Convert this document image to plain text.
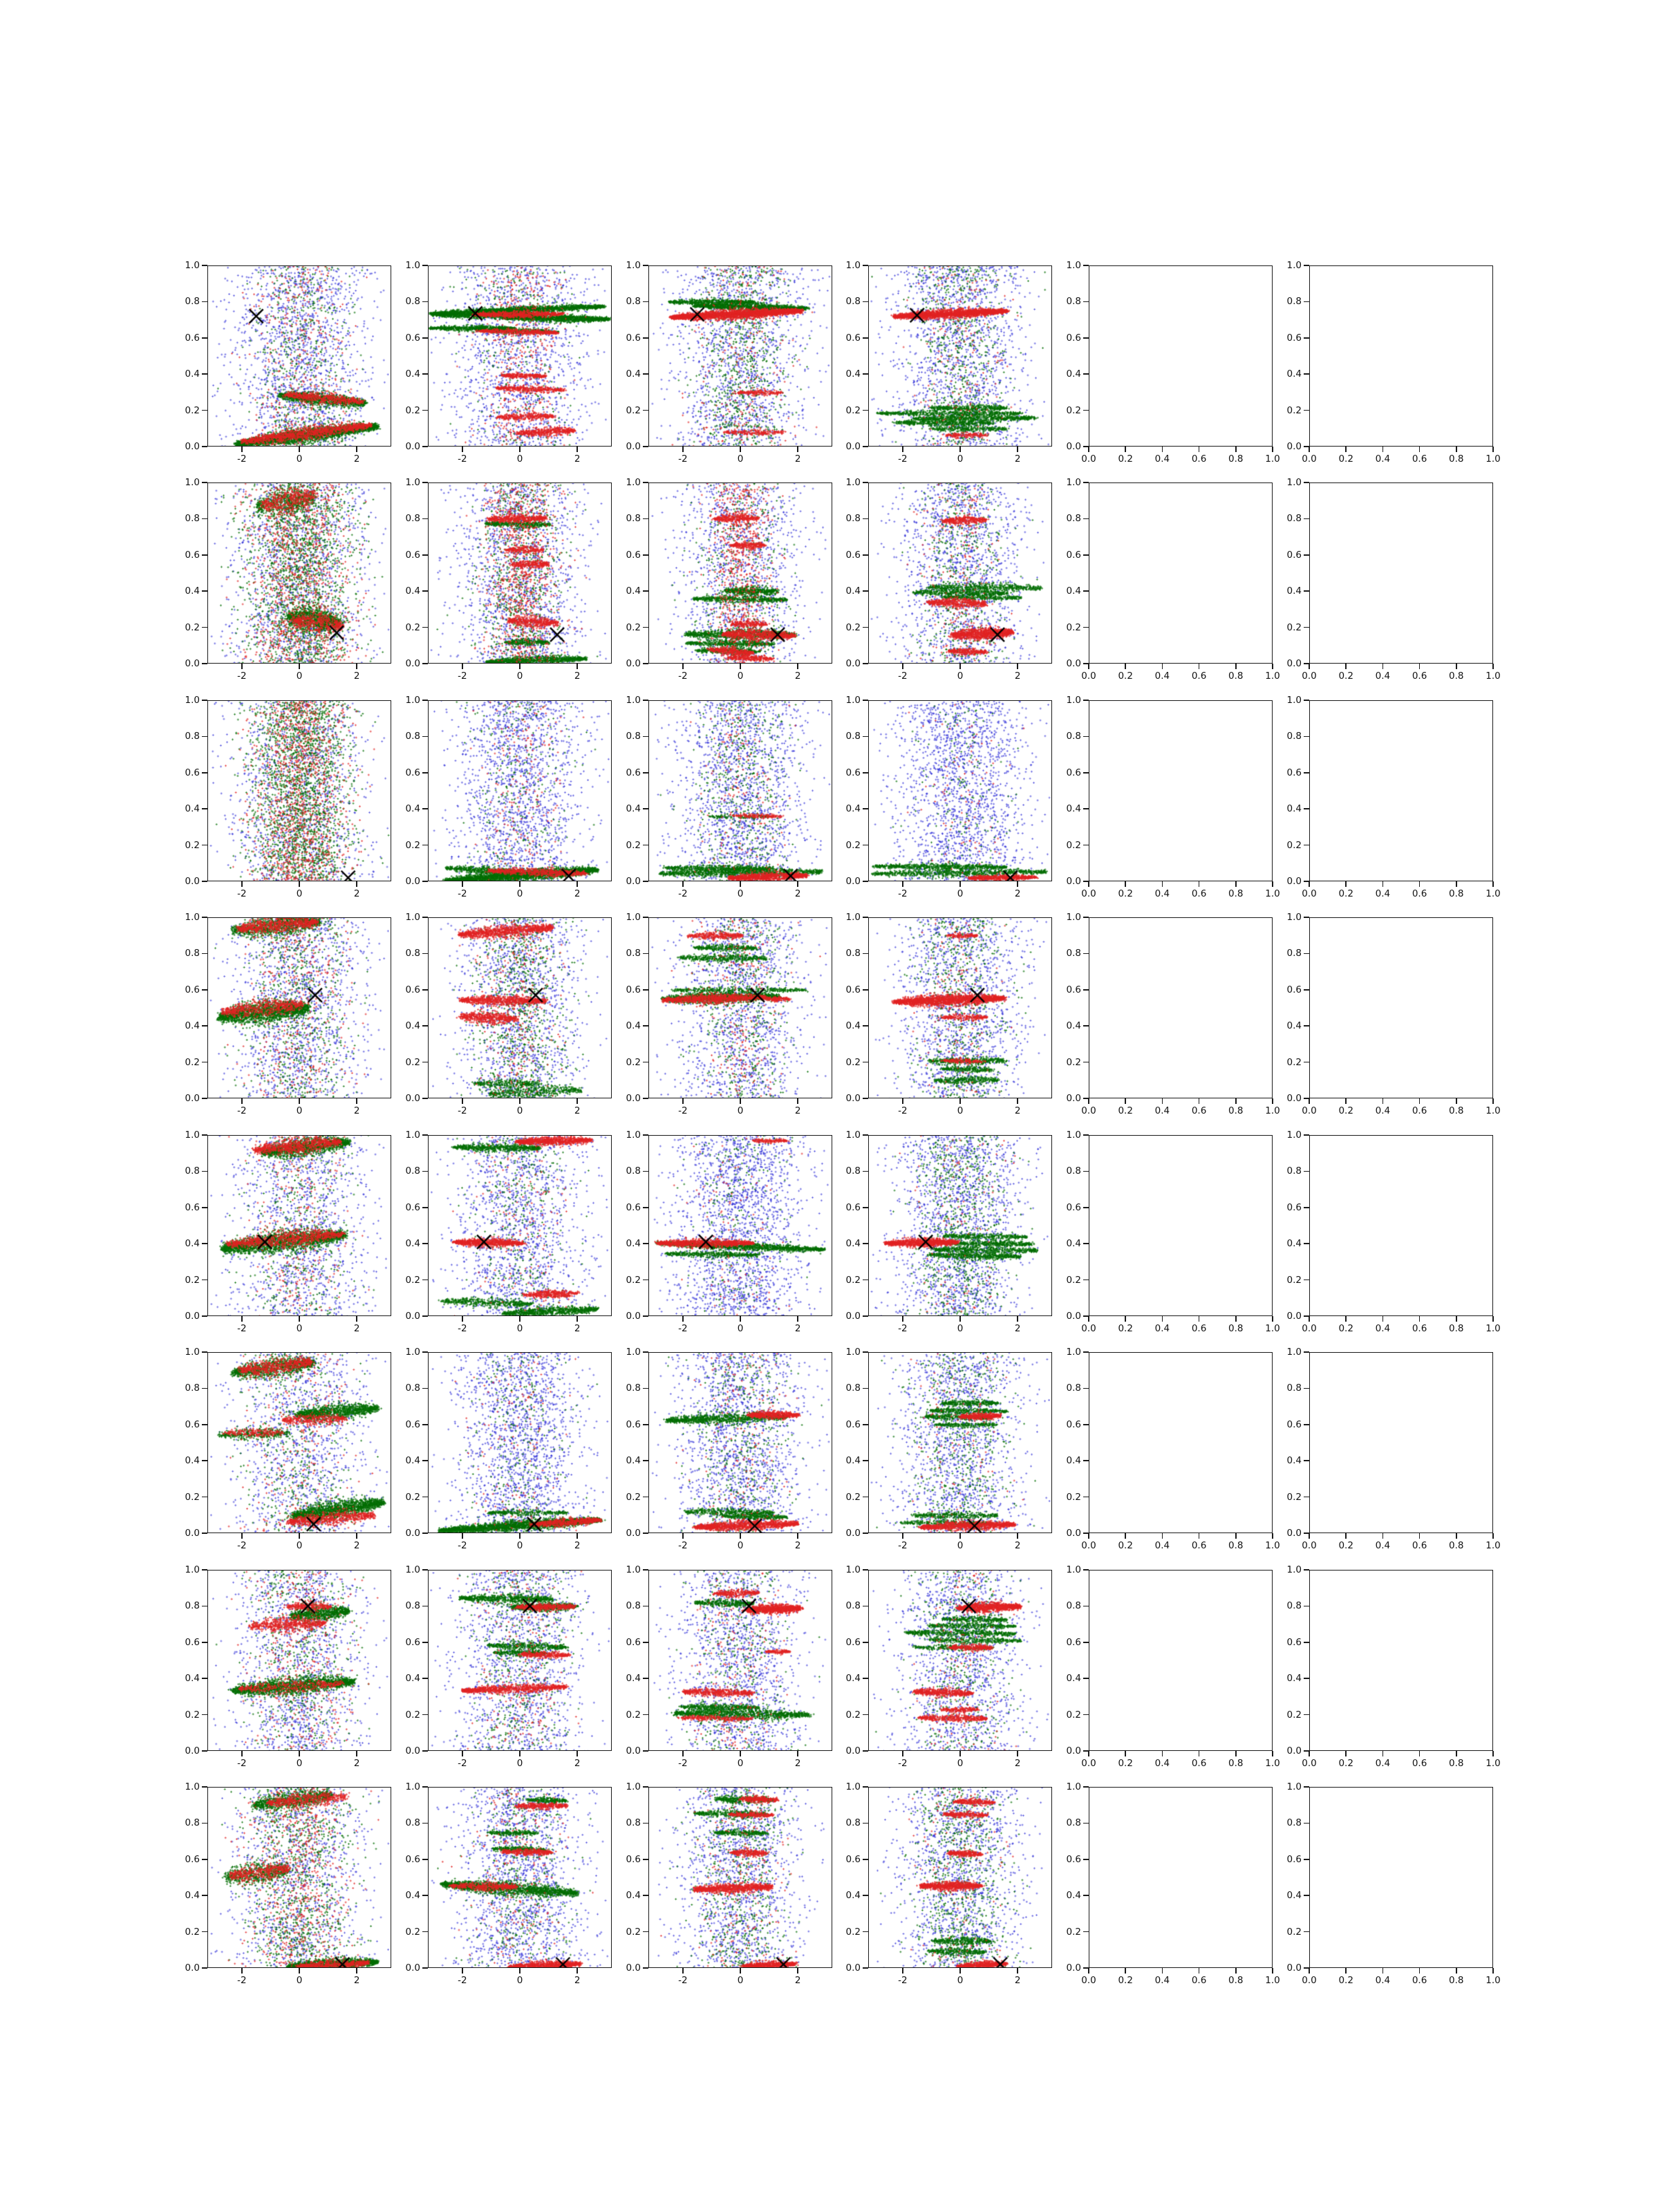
-2	0	2
0.0
0.2
0.4
0.6
0.8
1.0
-2	0	2
0.0
0.2
0.4
0.6
0.8
1.0
-2	0	2
0.0
0.2
0.4
0.6
0.8
1.0
-2	0	2
0.0
0.2
0.4
0.6
0.8
1.0
0.0	0.2	0.4	0.6	0.8	1.0
0.0
0.2
0.4
0.6
0.8
1.0
0.0	0.2	0.4	0.6	0.8	1.0
0.0
0.2
0.4
0.6
0.8
1.0
-2	0	2
0.0
0.2
0.4
0.6
0.8
1.0
-2	0	2
0.0
0.2
0.4
0.6
0.8
1.0
-2	0	2
0.0
0.2
0.4
0.6
0.8
1.0
-2	0	2
0.0
0.2
0.4
0.6
0.8
1.0
0.0	0.2	0.4	0.6	0.8	1.0
0.0
0.2
0.4
0.6
0.8
1.0
0.0	0.2	0.4	0.6	0.8	1.0
0.0
0.2
0.4
0.6
0.8
1.0
-2	0	2
0.0
0.2
0.4
0.6
0.8
1.0
-2	0	2
0.0
0.2
0.4
0.6
0.8
1.0
-2	0	2
0.0
0.2
0.4
0.6
0.8
1.0
-2	0	2
0.0
0.2
0.4
0.6
0.8
1.0
0.0	0.2	0.4	0.6	0.8	1.0
0.0
0.2
0.4
0.6
0.8
1.0
0.0	0.2	0.4	0.6	0.8	1.0
0.0
0.2
0.4
0.6
0.8
1.0
-2	0	2
0.0
0.2
0.4
0.6
0.8
1.0
-2	0	2
0.0
0.2
0.4
0.6
0.8
1.0
-2	0	2
0.0
0.2
0.4
0.6
0.8
1.0
-2	0	2
0.0
0.2
0.4
0.6
0.8
1.0
0.0	0.2	0.4	0.6	0.8	1.0
0.0
0.2
0.4
0.6
0.8
1.0
0.0	0.2	0.4	0.6	0.8	1.0
0.0
0.2
0.4
0.6
0.8
1.0
-2	0	2
0.0
0.2
0.4
0.6
0.8
1.0
-2	0	2
0.0
0.2
0.4
0.6
0.8
1.0
-2	0	2
0.0
0.2
0.4
0.6
0.8
1.0
-2	0	2
0.0
0.2
0.4
0.6
0.8
1.0
0.0	0.2	0.4	0.6	0.8	1.0
0.0
0.2
0.4
0.6
0.8
1.0
0.0	0.2	0.4	0.6	0.8	1.0
0.0
0.2
0.4
0.6
0.8
1.0
-2	0	2
0.0
0.2
0.4
0.6
0.8
1.0
-2	0	2
0.0
0.2
0.4
0.6
0.8
1.0
-2	0	2
0.0
0.2
0.4
0.6
0.8
1.0
-2	0	2
0.0
0.2
0.4
0.6
0.8
1.0
0.0	0.2	0.4	0.6	0.8	1.0
0.0
0.2
0.4
0.6
0.8
1.0
0.0	0.2	0.4	0.6	0.8	1.0
0.0
0.2
0.4
0.6
0.8
1.0
-2	0	2
0.0
0.2
0.4
0.6
0.8
1.0
-2	0	2
0.0
0.2
0.4
0.6
0.8
1.0
-2	0	2
0.0
0.2
0.4
0.6
0.8
1.0
-2	0	2
0.0
0.2
0.4
0.6
0.8
1.0
0.0	0.2	0.4	0.6	0.8	1.0
0.0
0.2
0.4
0.6
0.8
1.0
0.0	0.2	0.4	0.6	0.8	1.0
0.0
0.2
0.4
0.6
0.8
1.0
-2	0	2
0.0
0.2
0.4
0.6
0.8
1.0
-2	0	2
0.0
0.2
0.4
0.6
0.8
1.0
-2	0	2
0.0
0.2
0.4
0.6
0.8
1.0
-2	0	2
0.0
0.2
0.4
0.6
0.8
1.0
0.0	0.2	0.4	0.6	0.8	1.0
0.0
0.2
0.4
0.6
0.8
1.0
0.0	0.2	0.4	0.6	0.8	1.0
0.0
0.2
0.4
0.6
0.8
1.0
